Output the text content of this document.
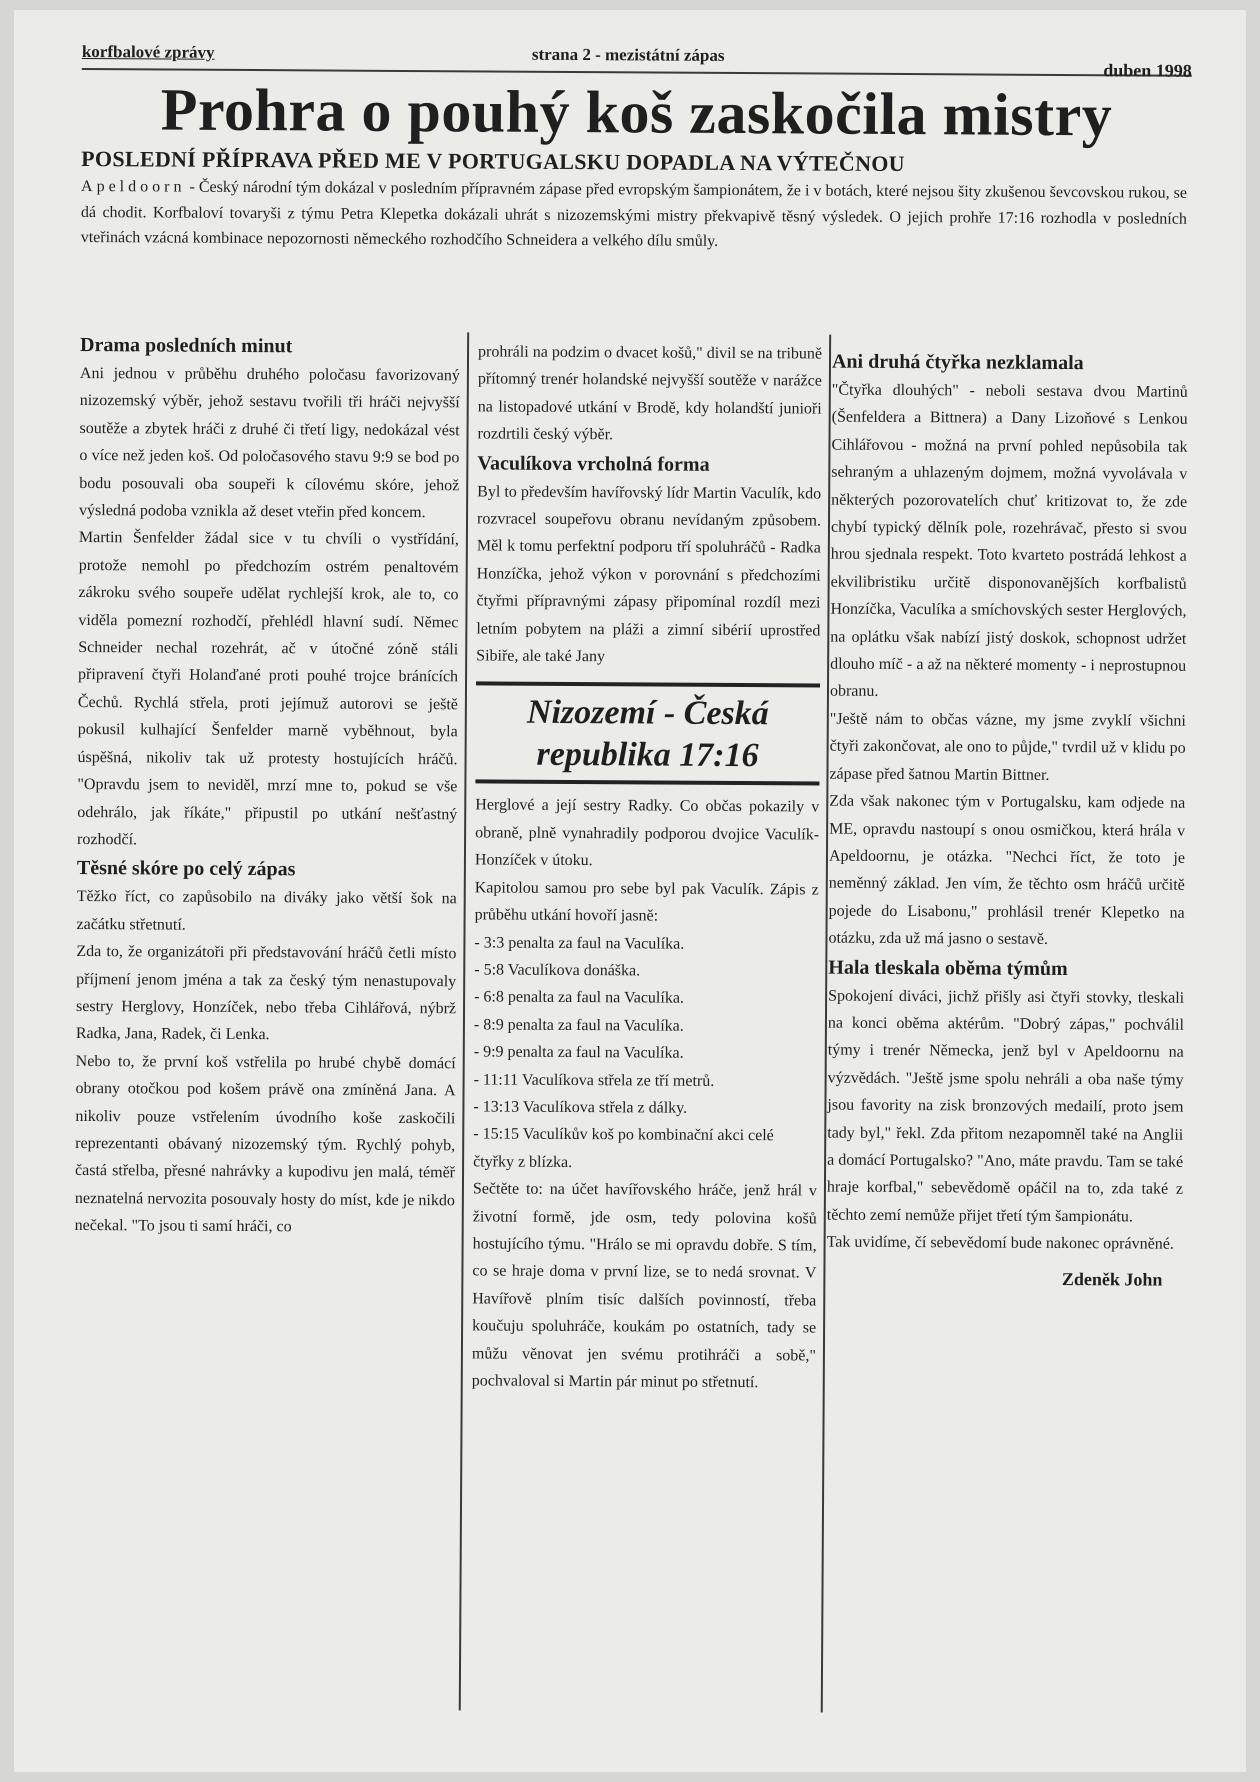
korfbalové zprávy	strana 2 - mezistátní zápas
duben 1998
Prohra o pouhý koš zaskočila mistry
POSLEDNÍ PŘÍPRAVA PŘED ME V PORTUGALSKU DOPADLA NA VÝTEČNOU

Apeldoorn - Český národní tým dokázal v posledním přípravném zápase před evropským šampionátem, že i v botách, které nejsou šity zkušenou ševcovskou rukou, se dá chodit. Korfbaloví tovaryši z týmu Petra Klepetka dokázali uhrát s nizozemskými mistry překvapivě těsný výsledek. O jejich prohře 17:16 rozhodla v posledních vteřinách vzácná kombinace nepozornosti německého rozhodčího Schneidera a velkého dílu smůly.

Drama posledních minut

Ani jednou v průběhu druhého poločasu favorizovaný nizozemský výběr, jehož sestavu tvořili tři hráči nejvyšší soutěže a zbytek hráči z druhé či třetí ligy, nedokázal vést o více než jeden koš. Od poločasového stavu 9:9 se bod po bodu posouvali oba soupeři k cílovému skóre, jehož výsledná podoba vznikla až deset vteřin před koncem.

Martin Šenfelder žádal sice v tu chvíli o vystřídání, protože nemohl po předchozím ostrém penaltovém zákroku svého soupeře udělat rychlejší krok, ale to, co viděla pomezní rozhodčí, přehlédl hlavní sudí. Němec Schneider nechal rozehrát, ač v útočné zóně stáli připravení čtyři Holanďané proti pouhé trojce bránících Čechů. Rychlá střela, proti jejímuž autorovi se ještě pokusil kulhající Šenfelder marně vyběhnout, byla úspěšná, nikoliv tak už protesty hostujících hráčů. "Opravdu jsem to neviděl, mrzí mne to, pokud se vše odehrálo, jak říkáte," připustil po utkání nešťastný rozhodčí.

Těsné skóre po celý zápas

Těžko říct, co zapůsobilo na diváky jako větší šok na začátku střetnutí.

Zda to, že organizátoři při představování hráčů četli místo příjmení jenom jména a tak za český tým nenastupovaly sestry Herglovy, Honzíček, nebo třeba Cihlářová, nýbrž Radka, Jana, Radek, či Lenka.

Nebo to, že první koš vstřelila po hrubé chybě domácí obrany otočkou pod košem právě ona zmíněná Jana. A nikoliv pouze vstřelením úvodního koše zaskočili reprezentanti obávaný nizozemský tým. Rychlý pohyb, častá střelba, přesné nahrávky a kupodivu jen malá, téměř neznatelná nervozita posouvaly hosty do míst, kde je nikdo nečekal. "To jsou ti samí hráči, co

prohráli na podzim o dvacet košů," divil se na tribuně přítomný trenér holandské nejvyšší soutěže v narážce na listopadové utkání v Brodě, kdy holandští junioři rozdrtili český výběr.

Vaculíkova vrcholná forma

Byl to především havířovský lídr Martin Vaculík, kdo rozvracel soupeřovu obranu nevídaným způsobem. Měl k tomu perfektní podporu tří spoluhráčů - Radka Honzíčka, jehož výkon v porovnání s předchozími čtyřmi přípravnými zápasy připomínal rozdíl mezi letním pobytem na pláži a zimní sibérií uprostřed Sibiře, ale také Jany

Nizozemí - Česká
republika 17:16

Herglové a její sestry Radky. Co občas pokazily v obraně, plně vynahradily podporou dvojice Vaculík-Honzíček v útoku.

Kapitolou samou pro sebe byl pak Vaculík. Zápis z průběhu utkání hovoří jasně:

- 3:3 penalta za faul na Vaculíka.

- 5:8 Vaculíkova donáška.

- 6:8 penalta za faul na Vaculíka.

- 8:9 penalta za faul na Vaculíka.

- 9:9 penalta za faul na Vaculíka.

- 11:11 Vaculíkova střela ze tří metrů.

- 13:13 Vaculíkova střela z dálky.

- 15:15 Vaculíkův koš po kombinační akci celé čtyřky z blízka.

Sečtěte to: na účet havířovského hráče, jenž hrál v životní formě, jde osm, tedy polovina košů hostujícího týmu. "Hrálo se mi opravdu dobře. S tím, co se hraje doma v první lize, se to nedá srovnat. V Havířově plním tisíc dalších povinností, třeba koučuju spoluhráče, koukám po ostatních, tady se můžu věnovat jen svému protihráči a sobě," pochvaloval si Martin pár minut po střetnutí.

Ani druhá čtyřka nezklamala

"Čtyřka dlouhých" - neboli sestava dvou Martinů (Šenfeldera a Bittnera) a Dany Lizoňové s Lenkou Cihlářovou - možná na první pohled nepůsobila tak sehraným a uhlazeným dojmem, možná vyvolávala v některých pozorovatelích chuť kritizovat to, že zde chybí typický dělník pole, rozehrávač, přesto si svou hrou sjednala respekt. Toto kvarteto postrádá lehkost a ekvilibristiku určitě disponovanějších korfbalistů Honzíčka, Vaculíka a smíchovských sester Herglových, na oplátku však nabízí jistý doskok, schopnost udržet dlouho míč - a až na některé momenty - i neprostupnou obranu.

"Ještě nám to občas vázne, my jsme zvyklí všichni čtyři zakončovat, ale ono to půjde," tvrdil už v klidu po zápase před šatnou Martin Bittner.

Zda však nakonec tým v Portugalsku, kam odjede na ME, opravdu nastoupí s onou osmičkou, která hrála v Apeldoornu, je otázka. "Nechci říct, že toto je neměnný základ. Jen vím, že těchto osm hráčů určitě pojede do Lisabonu," prohlásil trenér Klepetko na otázku, zda už má jasno o sestavě.

Hala tleskala oběma týmům

Spokojení diváci, jichž přišly asi čtyři stovky, tleskali na konci oběma aktérům. "Dobrý zápas," pochválil týmy i trenér Německa, jenž byl v Apeldoornu na výzvědách. "Ještě jsme spolu nehráli a oba naše týmy jsou favority na zisk bronzových medailí, proto jsem tady byl," řekl. Zda přitom nezapomněl také na Anglii a domácí Portugalsko? "Ano, máte pravdu. Tam se také hraje korfbal," sebevědomě opáčil na to, zda také z těchto zemí nemůže přijet třetí tým šampionátu.

Tak uvidíme, čí sebevědomí bude nakonec oprávněné.

Zdeněk John
